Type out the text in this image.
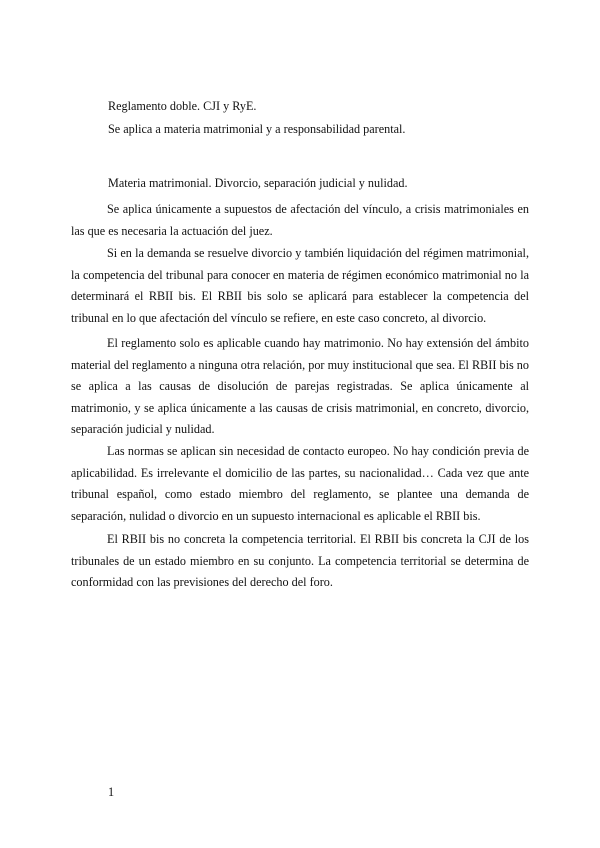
Reglamento doble. CJI y RyE.

Se aplica a materia matrimonial y a responsabilidad parental.

Materia matrimonial. Divorcio, separación judicial y nulidad.

Se aplica únicamente a supuestos de afectación del vínculo, a crisis matrimoniales en las que es necesaria la actuación del juez.

Si en la demanda se resuelve divorcio y también liquidación del régimen matrimonial, la competencia del tribunal para conocer en materia de régimen económico matrimonial no la determinará el RBII bis. El RBII bis solo se aplicará para establecer la competencia del tribunal en lo que afectación del vínculo se refiere, en este caso concreto, al divorcio.

El reglamento solo es aplicable cuando hay matrimonio. No hay extensión del ámbito material del reglamento a ninguna otra relación, por muy institucional que sea. El RBII bis no se aplica a las causas de disolución de parejas registradas. Se aplica únicamente al matrimonio, y se aplica únicamente a las causas de crisis matrimonial, en concreto, divorcio, separación judicial y nulidad.

Las normas se aplican sin necesidad de contacto europeo. No hay condición previa de aplicabilidad. Es irrelevante el domicilio de las partes, su nacionalidad… Cada vez que ante tribunal español, como estado miembro del reglamento, se plantee una demanda de separación, nulidad o divorcio en un supuesto internacional es aplicable el RBII bis.

El RBII bis no concreta la competencia territorial. El RBII bis concreta la CJI de los tribunales de un estado miembro en su conjunto. La competencia territorial se determina de conformidad con las previsiones del derecho del foro.

1
